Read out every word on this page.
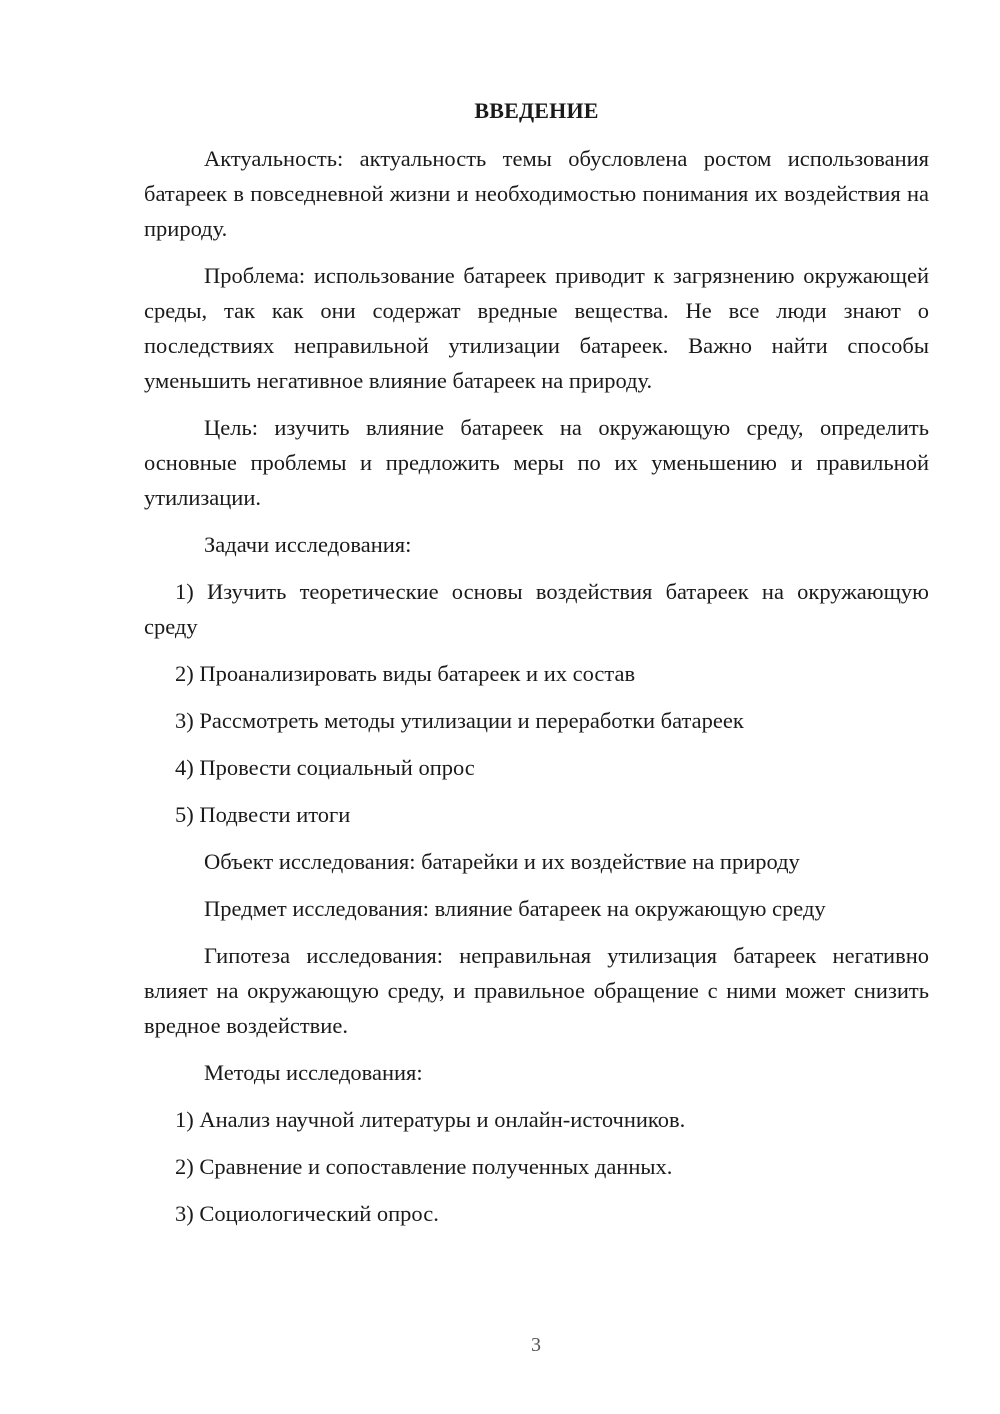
ВВЕДЕНИЕ

Актуальность: актуальность темы обусловлена ростом использования батареек в повседневной жизни и необходимостью понимания их воздействия на природу.

Проблема: использование батареек приводит к загрязнению окружающей среды, так как они содержат вредные вещества. Не все люди знают о последствиях неправильной утилизации батареек. Важно найти способы уменьшить негативное влияние батареек на природу.

Цель: изучить влияние батареек на окружающую среду, определить основные проблемы и предложить меры по их уменьшению и правильной утилизации.

Задачи исследования:

1) Изучить теоретические основы воздействия батареек на окружающую среду

2) Проанализировать виды батареек и их состав

3) Рассмотреть методы утилизации и переработки батареек

4) Провести социальный опрос

5) Подвести итоги

Объект исследования: батарейки и их воздействие на природу

Предмет исследования: влияние батареек на окружающую среду

Гипотеза исследования: неправильная утилизация батареек негативно влияет на окружающую среду, и правильное обращение с ними может снизить вредное воздействие.

Методы исследования:

1) Анализ научной литературы и онлайн-источников.

2) Сравнение и сопоставление полученных данных.

3) Социологический опрос.

3
